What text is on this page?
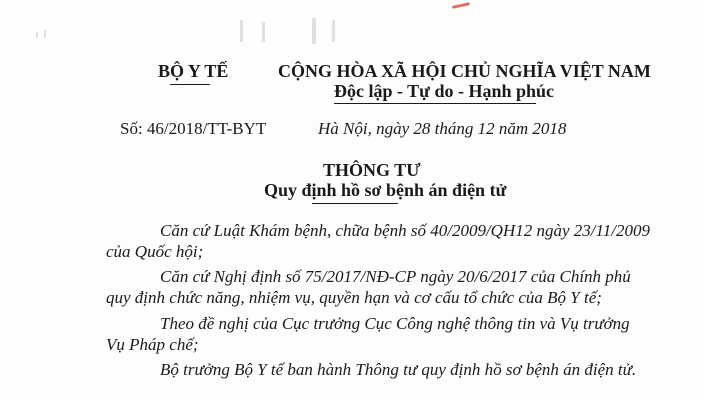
BỘ Y TẾ	CỘNG HÒA XÃ HỘI CHỦ NGHĨA VIỆT NAM
Độc lập - Tự do - Hạnh phúc
Số: 46/2018/TT-BYT	Hà Nội, ngày 28 tháng 12 năm 2018
THÔNG TƯ
Quy định hồ sơ bệnh án điện tử
Căn cứ Luật Khám bệnh, chữa bệnh số 40/2009/QH12 ngày 23/11/2009
của Quốc hội;
Căn cứ Nghị định số 75/2017/NĐ-CP ngày 20/6/2017 của Chính phủ
quy định chức năng, nhiệm vụ, quyền hạn và cơ cấu tổ chức của Bộ Y tế;
Theo đề nghị của Cục trưởng Cục Công nghệ thông tin và Vụ trưởng
Vụ Pháp chế;
Bộ trưởng Bộ Y tế ban hành Thông tư quy định hồ sơ bệnh án điện tử.
